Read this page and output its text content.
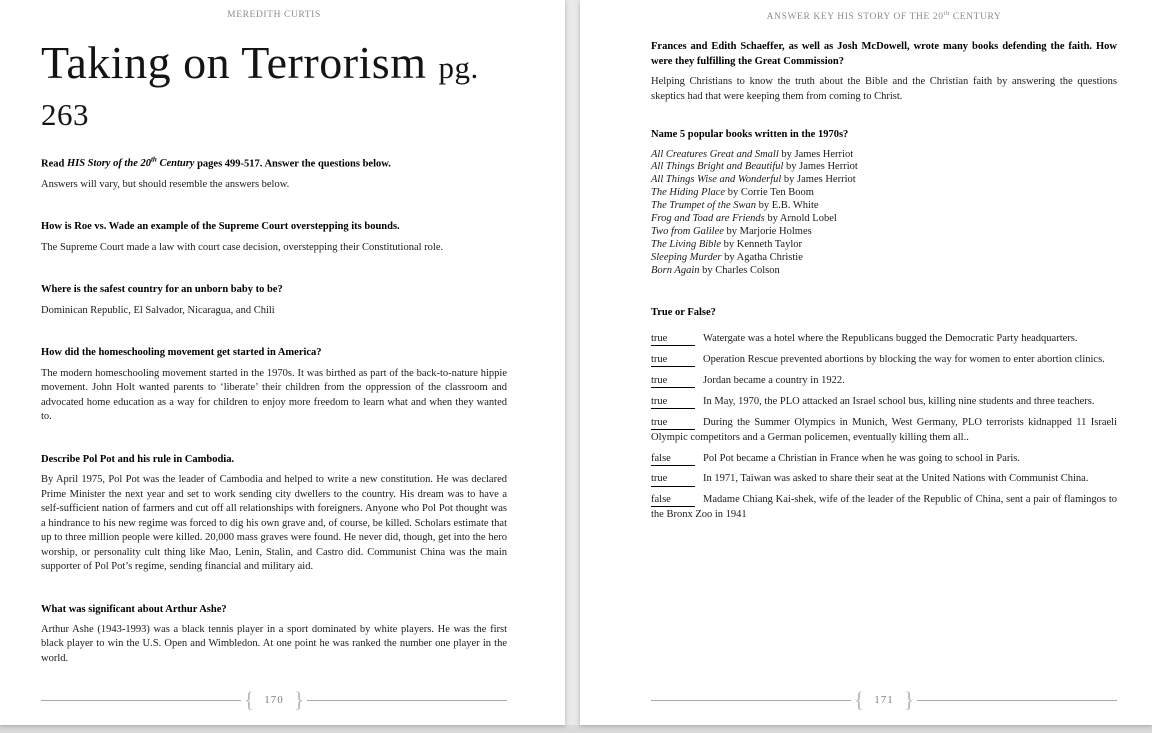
MEREDITH CURTIS
Taking on Terrorism pg.
263

Read HIS Story of the 20th Century pages 499-517. Answer the questions below.

Answers will vary, but should resemble the answers below.

How is Roe vs. Wade an example of the Supreme Court overstepping its bounds.

The Supreme Court made a law with court case decision, overstepping their Constitutional role.

Where is the safest country for an unborn baby to be?

Dominican Republic, El Salvador, Nicaragua, and Chili

How did the homeschooling movement get started in America?

The modern homeschooling movement started in the 1970s. It was birthed as part of the back-to-nature hippie movement. John Holt wanted parents to ‘liberate’ their children from the oppression of the classroom and advocated home education as a way for children to enjoy more freedom to learn what and when they wanted to.

Describe Pol Pot and his rule in Cambodia.

By April 1975, Pol Pot was the leader of Cambodia and helped to write a new constitution. He was declared Prime Minister the next year and set to work sending city dwellers to the country. His dream was to have a self-sufficient nation of farmers and cut off all relationships with foreigners. Anyone who Pol Pot thought was a hindrance to his new regime was forced to dig his own grave and, of course, be killed. Scholars estimate that up to three million people were killed. 20,000 mass graves were found. He never did, though, get into the hero worship, or personality cult thing like Mao, Lenin, Stalin, and Castro did. Communist China was the main supporter of Pol Pot’s regime, sending financial and military aid.

What was significant about Arthur Ashe?

Arthur Ashe (1943-1993) was a black tennis player in a sport dominated by white players. He was the first black player to win the U.S. Open and Wimbledon. At one point he was ranked the number one player in the world.

{ 170 }
ANSWER KEY HIS STORY OF THE 20th CENTURY

Frances and Edith Schaeffer, as well as Josh McDowell, wrote many books defending the faith. How were they fulfilling the Great Commission?

Helping Christians to know the truth about the Bible and the Christian faith by answering the questions skeptics had that were keeping them from coming to Christ.

Name 5 popular books written in the 1970s?

All Creatures Great and Small by James Herriot
All Things Bright and Beautiful by James Herriot
All Things Wise and Wonderful by James Herriot
The Hiding Place by Corrie Ten Boom
The Trumpet of the Swan by E.B. White
Frog and Toad are Friends by Arnold Lobel
Two from Galilee by Marjorie Holmes
The Living Bible by Kenneth Taylor
Sleeping Murder by Agatha Christie
Born Again by Charles Colson

True or False?

true	Watergate was a hotel where the Republicans bugged the Democratic Party headquarters.

true	Operation Rescue prevented abortions by blocking the way for women to enter abortion clinics.

true	Jordan became a country in 1922.

true	In May, 1970, the PLO attacked an Israel school bus, killing nine students and three teachers.

true	During the Summer Olympics in Munich, West Germany, PLO terrorists kidnapped 11 Israeli Olympic competitors and a German policemen, eventually killing them all..

false	Pol Pot became a Christian in France when he was going to school in Paris.

true	In 1971, Taiwan was asked to share their seat at the United Nations with Communist China.

false	Madame Chiang Kai-shek, wife of the leader of the Republic of China, sent a pair of flamingos to the Bronx Zoo in 1941

{ 171 }
